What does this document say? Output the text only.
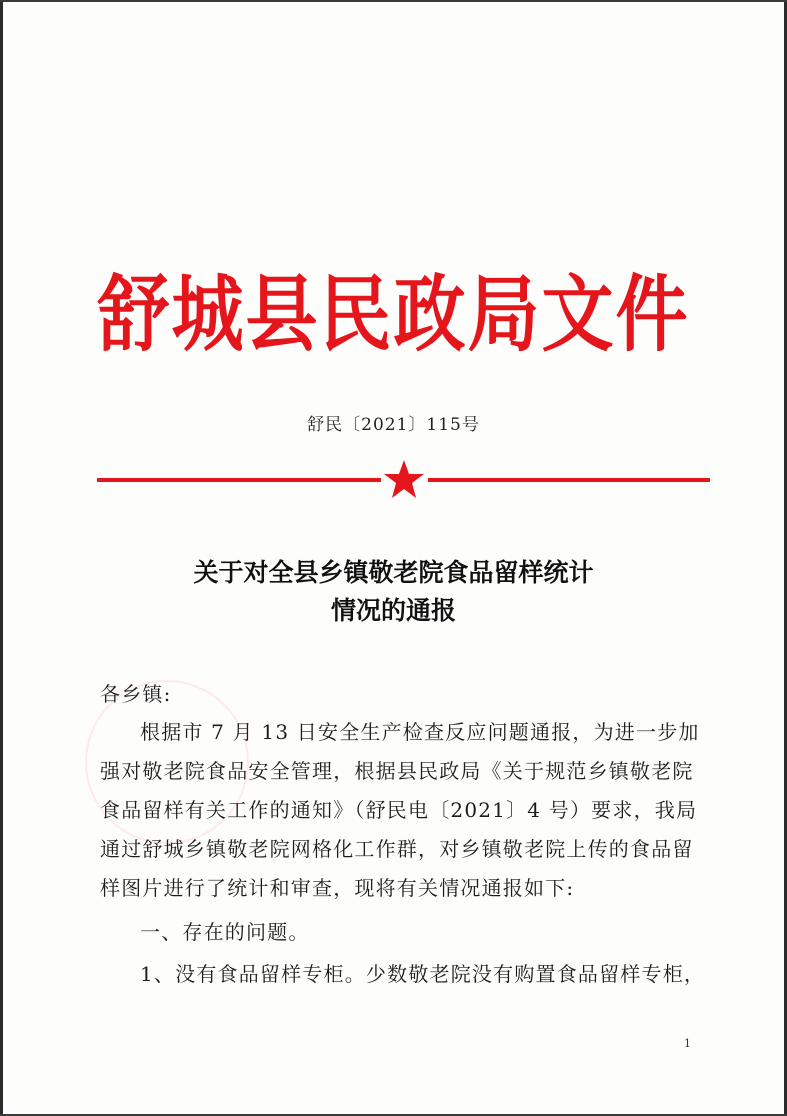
舒城县民政局文件
舒民〔2021〕115号
关于对全县乡镇敬老院食品留样统计
情况的通报
各乡镇:
根据市 7 月 13 日安全生产检查反应问题通报，为进一步加
强对敬老院食品安全管理，根据县民政局《关于规范乡镇敬老院
食品留样有关工作的通知》（舒民电〔2021〕4 号）要求，我局
通过舒城乡镇敬老院网格化工作群，对乡镇敬老院上传的食品留
样图片进行了统计和审查，现将有关情况通报如下:
一、存在的问题。
1、没有食品留样专柜。少数敬老院没有购置食品留样专柜，
1
